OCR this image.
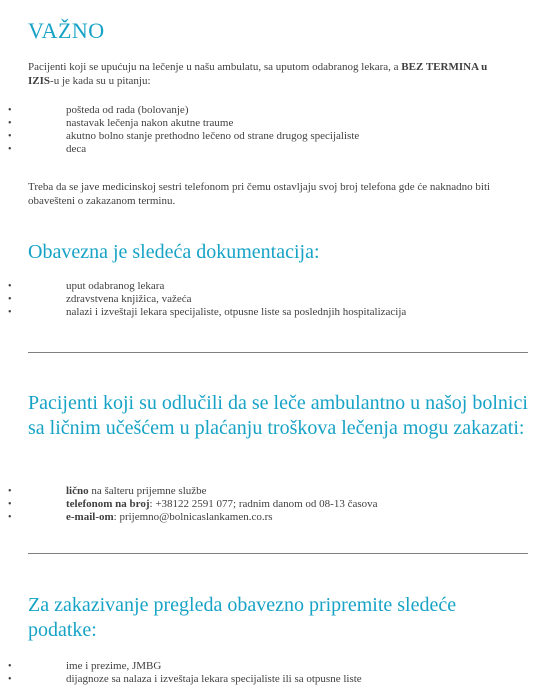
VAŽNO

Pacijenti koji se upućuju na lečenje u našu ambulatu, sa uputom odabranog lekara, a BEZ TERMINA u IZIS-u je kada su u pitanju:

•	pošteda od rada (bolovanje)
•	nastavak lečenja nakon akutne traume
•	akutno bolno stanje prethodno lečeno od strane drugog specijaliste
•	deca

Treba da se jave medicinskoj sestri telefonom pri čemu ostavljaju svoj broj telefona gde će naknadno biti obavešteni o zakazanom terminu.

Obavezna je sledeća dokumentacija:
•	uput odabranog lekara
•	zdravstvena knjižica, važeća
•	nalazi i izveštaji lekara specijaliste, otpusne liste sa poslednjih hospitalizacija
Pacijenti koji su odlučili da se leče ambulantno u našoj bolnici sa ličnim učešćem u plaćanju troškova lečenja mogu zakazati:
•	lično na šalteru prijemne službe
•	telefonom na broj: +38122 2591 077; radnim danom od 08-13 časova
•	e-mail-om: prijemno@bolnicaslankamen.co.rs
Za zakazivanje pregleda obavezno pripremite sledeće podatke:
•	ime i prezime, JMBG
•	dijagnoze sa nalaza i izveštaja lekara specijaliste ili sa otpusne liste
